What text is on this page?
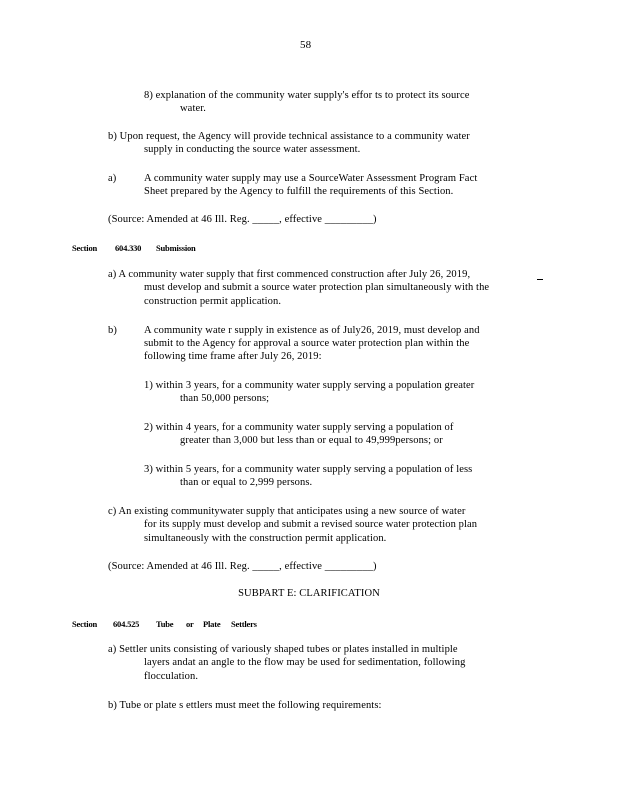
58
8) explanation of the community water supply's effor ts to protect its source
water.
b) Upon request, the Agency will provide technical assistance to a community water
supply in conducting the source water assessment.
a)	A community water supply may use a SourceWater Assessment Program Fact
Sheet prepared by the Agency to fulfill the requirements of this Section.
(Source: Amended at 46 Ill. Reg. _____, effective _________)
Section 604.330 Submission
a) A community water supply that first commenced construction after July 26, 2019,
must develop and submit a source water protection plan simultaneously with the
construction permit application.
b)	A community wate r supply in existence as of July26, 2019, must develop and
submit to the Agency for approval a source water protection plan within the
following time frame after July 26, 2019:
1) within 3 years, for a community water supply serving a population greater
than 50,000 persons;
2) within 4 years, for a community water supply serving a population of
greater than 3,000 but less than or equal to 49,999persons; or
3) within 5 years, for a community water supply serving a population of less
than or equal to 2,999 persons.
c) An existing communitywater supply that anticipates using a new source of water
for its supply must develop and submit a revised source water protection plan
simultaneously with the construction permit application.
(Source: Amended at 46 Ill. Reg. _____, effective _________)
SUBPART E: CLARIFICATION
Section 604.525 Tube or Plate Settlers
a) Settler units consisting of variously shaped tubes or plates installed in multiple
layers andat an angle to the flow may be used for sedimentation, following
flocculation.
b) Tube or plate s ettlers must meet the following requirements:
